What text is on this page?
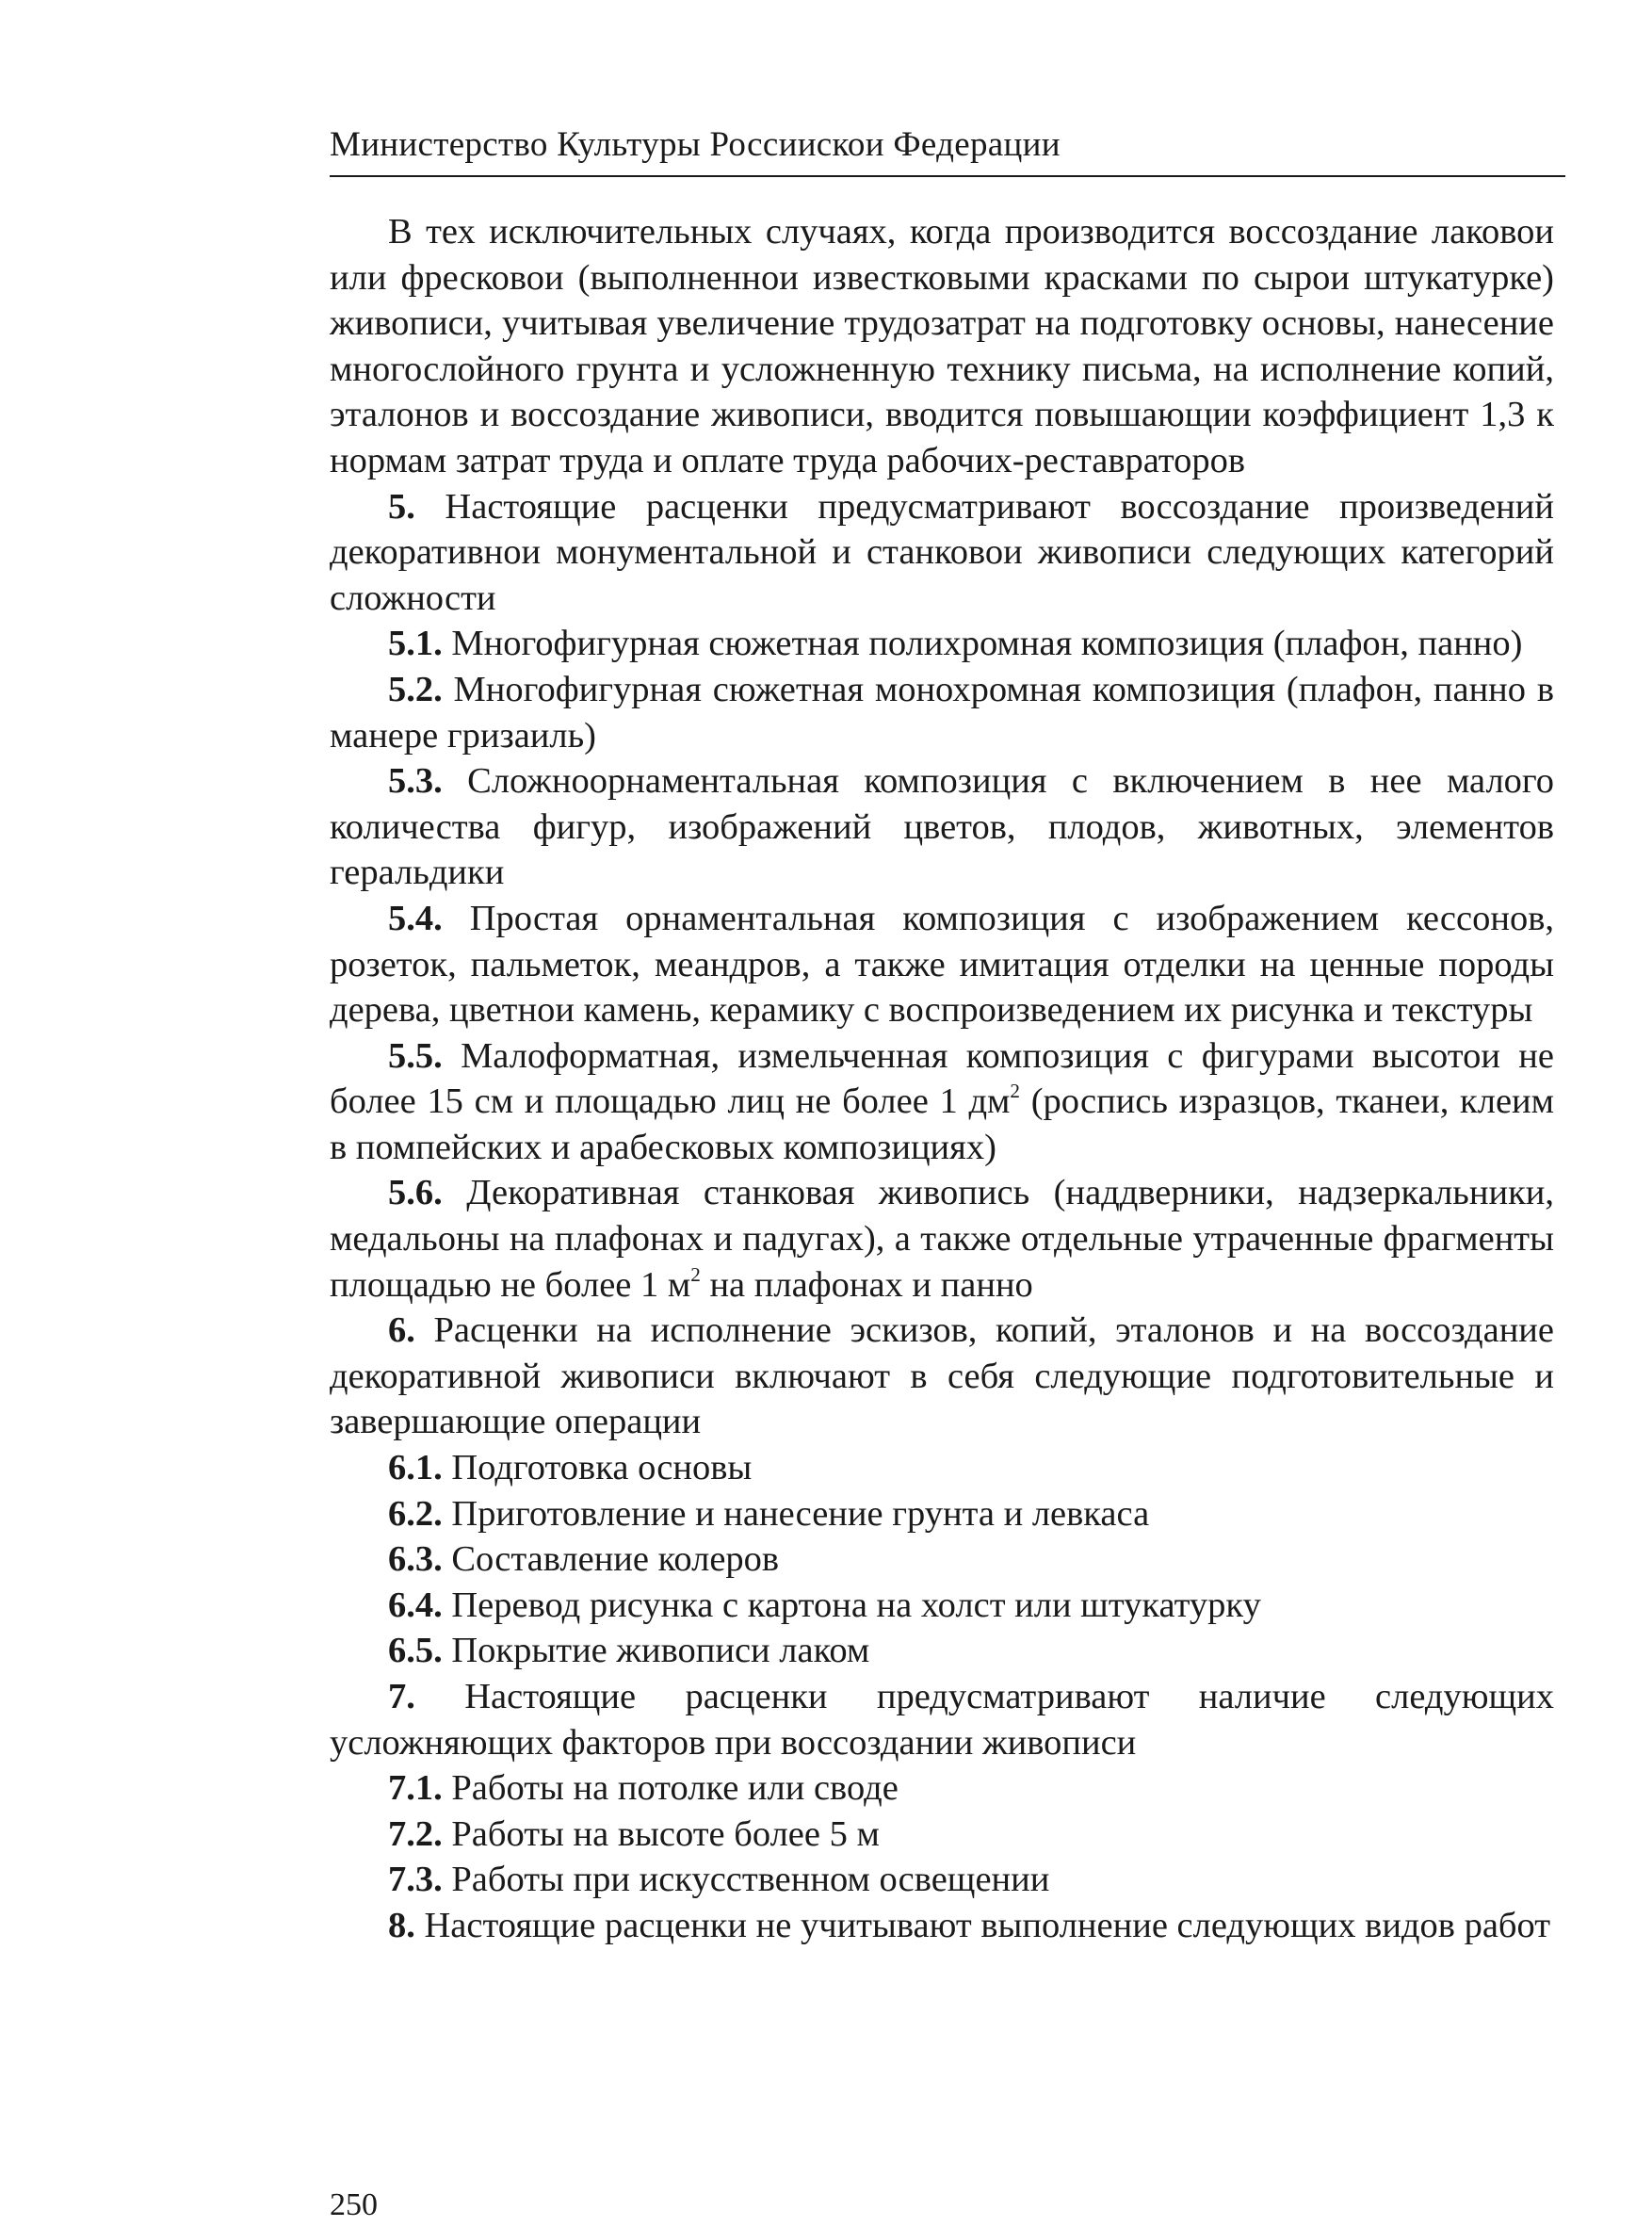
Министерство Культуры Россиискои Федерации

В тех исключительных случаях, когда производится воссоздание лаковои или фресковои (выполненнои известковыми красками по сырои штукатурке) живописи, учитывая увеличение трудозатрат на подготовку основы, нанесение многослойного грунта и усложненную технику письма, на исполнение копий, эталонов и воссоздание живописи, вводится повышающии коэффициент 1,3 к нормам затрат труда и оплате труда рабочих-реставраторов

5. Настоящие расценки предусматривают воссоздание произведений декоративнои монументальной и станковои живописи следующих категорий сложности

5.1. Многофигурная сюжетная полихромная композиция (плафон, панно)

5.2. Многофигурная сюжетная монохромная композиция (плафон, панно в манере гризаиль)

5.3. Сложноорнаментальная композиция с включением в нее малого количества фигур, изображений цветов, плодов, животных, элементов геральдики

5.4. Простая орнаментальная композиция с изображением кессонов, розеток, пальметок, меандров, а также имитация отделки на ценные породы дерева, цветнои камень, керамику с воспроизведением их рисунка и текстуры

5.5. Малоформатная, измельченная композиция с фигурами высотои не более 15 см и площадью лиц не более 1 $дм^2$ (роспись изразцов, тканеи, клеим в помпейских и арабесковых композициях)

5.6. Декоративная станковая живопись (наддверники, надзеркальники, медальоны на плафонах и падугах), а также отдельные утраченные фрагменты площадью не более 1 $м^2$ на плафонах и панно

6. Расценки на исполнение эскизов, копий, эталонов и на воссоздание декоративной живописи включают в себя следующие подготовительные и завершающие операции

6.1. Подготовка основы

6.2. Приготовление и нанесение грунта и левкаса

6.3. Составление колеров

6.4. Перевод рисунка с картона на холст или штукатурку

6.5. Покрытие живописи лаком

7. Настоящие расценки предусматривают наличие следующих усложняющих факторов при воссоздании живописи

7.1. Работы на потолке или своде

7.2. Работы на высоте более 5 м

7.3. Работы при искусственном освещении

8. Настоящие расценки не учитывают выполнение следующих видов работ

250
